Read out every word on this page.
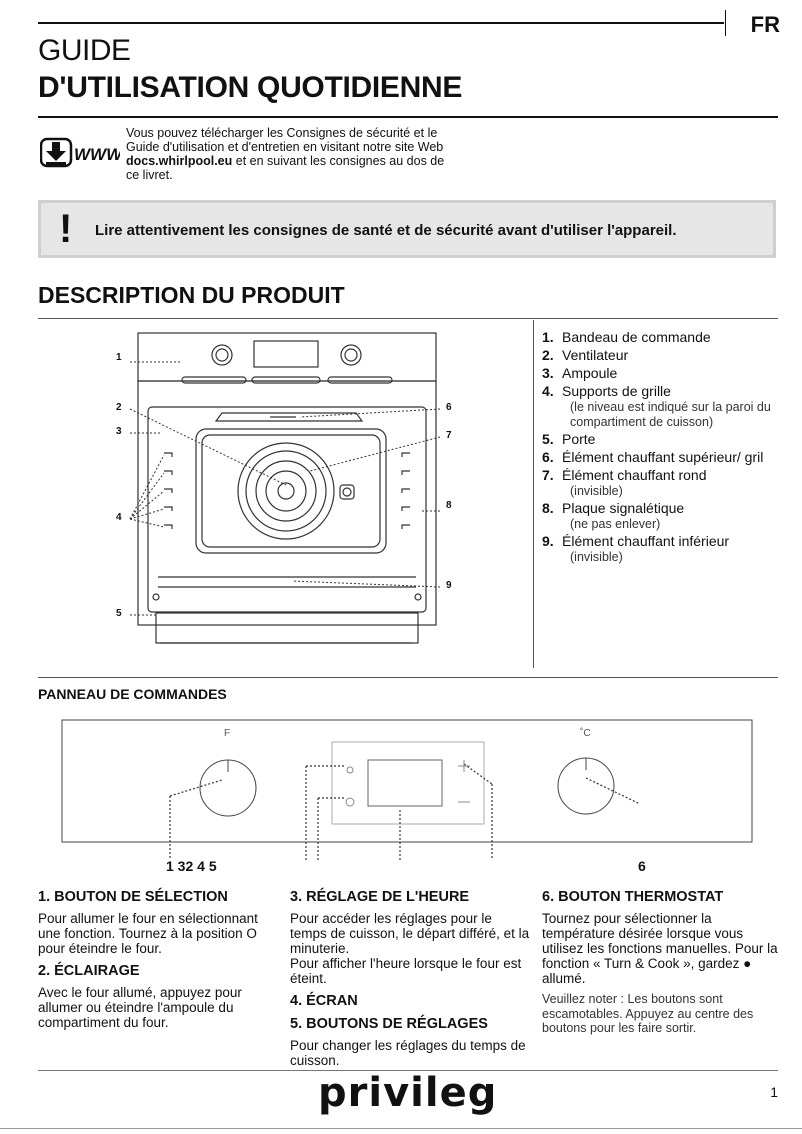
FR
GUIDE
D'UTILISATION QUOTIDIENNE
WWW
Vous pouvez télécharger les Consignes de sécurité et le Guide d'utilisation et d'entretien en visitant notre site Web docs.whirlpool.eu et en suivant les consignes au dos de ce livret.
! Lire attentivement les consignes de santé et de sécurité avant d'utiliser l'appareil.
DESCRIPTION DU PRODUIT
1
2
3
4
5
6
7
8
9
1. Bandeau de commande
2. Ventilateur
3. Ampoule
4. Supports de grille
(le niveau est indiqué sur la paroi du compartiment de cuisson)
5. Porte
6. Élément chauffant supérieur/ gril
7. Élément chauffant rond
(invisible)
8. Plaque signalétique
(ne pas enlever)
9. Élément chauffant inférieur
(invisible)
PANNEAU DE COMMANDES
F	˚C
1 32 4 5	6
1. BOUTON DE SÉLECTION

Pour allumer le four en sélectionnant une fonction. Tournez à la position O pour éteindre le four.

2. ÉCLAIRAGE

Avec le four allumé, appuyez pour allumer ou éteindre l'ampoule du compartiment du four.

3. RÉGLAGE DE L'HEURE

Pour accéder les réglages pour le temps de cuisson, le départ différé, et la minuterie.

Pour afficher l'heure lorsque le four est éteint.

4. ÉCRAN
5. BOUTONS DE RÉGLAGES

Pour changer les réglages du temps de cuisson.

6. BOUTON THERMOSTAT

Tournez pour sélectionner la température désirée lorsque vous utilisez les fonctions manuelles. Pour la fonction « Turn & Cook », gardez ● allumé.

Veuillez noter : Les boutons sont escamotables. Appuyez au centre des boutons pour les faire sortir.

privileg	1
